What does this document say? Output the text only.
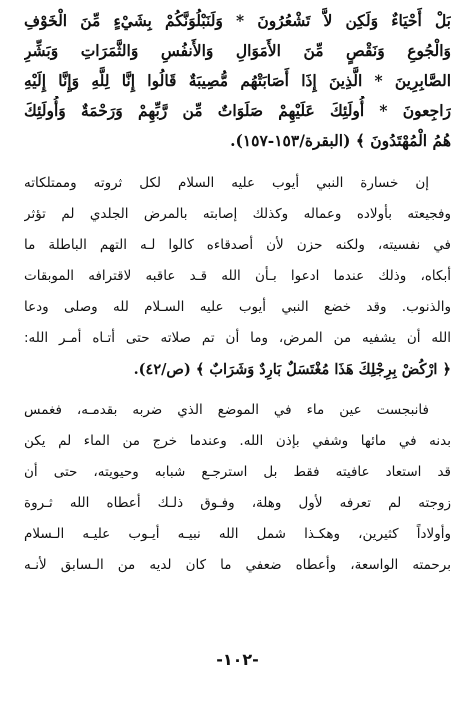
بَلْ أَحْيَاءٌ وَلَكِن لاَّ تَشْعُرُونَ * وَلَنَبْلُوَنَّكُمْ بِشَيْءٍ مِّنَ الْخَوْفِ
وَالْجُوعِ وَنَقْصٍ مِّنَ الأَمَوَالِ وَالأَنفُسِ وَالثَّمَرَاتِ وَبَشِّرِ
الصَّابِرِينَ * الَّذِينَ إِذَا أَصَابَتْهُم مُّصِيبَةٌ قَالُوا إِنَّا لِلَّهِ وَإِنَّا إِلَيْهِ
رَاجِعونَ * أُولَئِكَ عَلَيْهِمْ صَلَوَاتٌ مِّن رَّبِّهِمْ وَرَحْمَةٌ وَأُولَئِكَ
هُمُ الْمُهْتَدُونَ ﴾ (البقرة/١٥٣-١٥٧).
إن خسارة النبي أيوب عليه السلام لكل ثروته وممتلكاته
وفجيعته بأولاده وعماله وكذلك إصابته بالمرض الجلدي لم تؤثر
في نفسيته، ولكنه حزن لأن أصدقاءه كالوا لـه التهم الباطلة ما
أبكاه، وذلك عندما ادعوا بـأن الله قـد عاقبه لاقترافه الموبقات
والذنوب. وقد خضع النبي أيوب عليه السـلام لله وصلى ودعا
الله أن يشفيه من المرض، وما أن تم صلاته حتى أتـاه أمـر الله:
﴿ ارْكُضْ بِرِجْلِكَ هَذَا مُغْتَسَلٌ بَارِدٌ وَشَرَابٌ ﴾ (ص/٤٢).
فانبجست عين ماء في الموضع الذي ضربه بقدمـه، فغمس
بدنه في مائها وشفي بإذن الله. وعندما خرج من الماء لم يكن
قد استعاد عافيته فقط بل استرجـع شبابه وحيويته، حتى أن
زوجته لم تعرفه لأول وهلة، وفـوق ذلـك أعطاه الله ثـروة
وأولاداً كثيرين، وهكـذا شمل الله نبيـه أيـوب عليـه الـسلام
برحمته الواسعة، وأعطاه ضعفي ما كان لديه من الـسابق لأنـه
-١٠٢-
